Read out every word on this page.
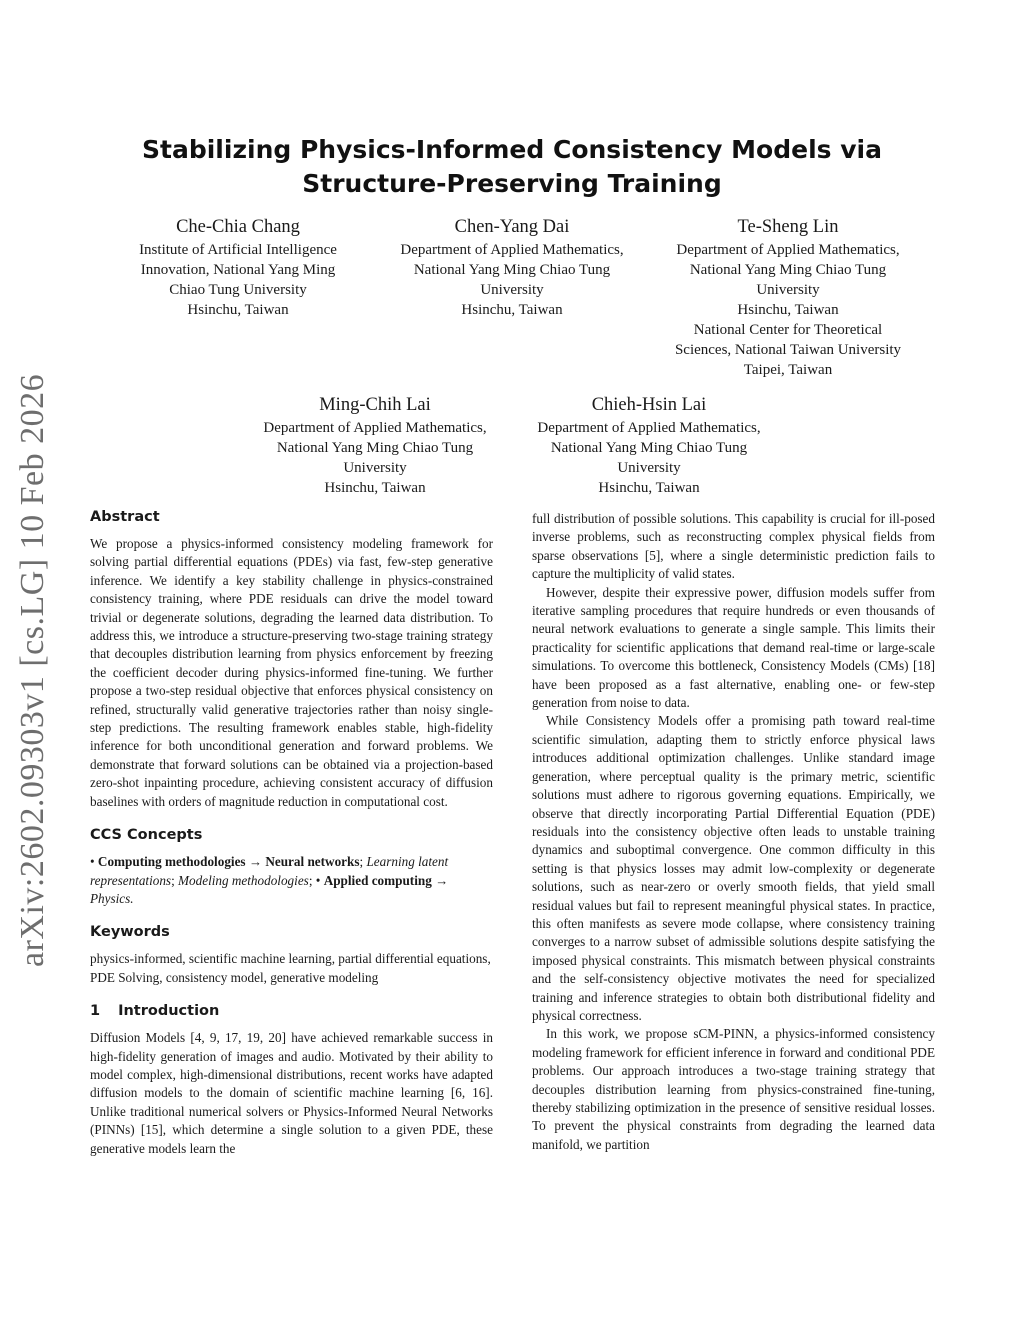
arXiv:2602.09303v1 [cs.LG] 10 Feb 2026
Stabilizing Physics-Informed Consistency Models via
Structure-Preserving Training
Che-Chia Chang
Institute of Artificial Intelligence
Innovation, National Yang Ming
Chiao Tung University
Hsinchu, Taiwan
Chen-Yang Dai
Department of Applied Mathematics,
National Yang Ming Chiao Tung
University
Hsinchu, Taiwan
Te-Sheng Lin
Department of Applied Mathematics,
National Yang Ming Chiao Tung
University
Hsinchu, Taiwan
National Center for Theoretical
Sciences, National Taiwan University
Taipei, Taiwan
Ming-Chih Lai
Department of Applied Mathematics,
National Yang Ming Chiao Tung
University
Hsinchu, Taiwan
Chieh-Hsin Lai
Department of Applied Mathematics,
National Yang Ming Chiao Tung
University
Hsinchu, Taiwan
Abstract

We propose a physics-informed consistency modeling framework for solving partial differential equations (PDEs) via fast, few-step generative inference. We identify a key stability challenge in physics-constrained consistency training, where PDE residuals can drive the model toward trivial or degenerate solutions, degrading the learned data distribution. To address this, we introduce a structure-preserving two-stage training strategy that decouples distribution learning from physics enforcement by freezing the coefficient decoder during physics-informed fine-tuning. We further propose a two-step residual objective that enforces physical consistency on refined, structurally valid generative trajectories rather than noisy single-step predictions. The resulting framework enables stable, high-fidelity inference for both unconditional generation and forward problems. We demonstrate that forward solutions can be obtained via a projection-based zero-shot inpainting procedure, achieving consistent accuracy of diffusion baselines with orders of magnitude reduction in computational cost.

CCS Concepts

• Computing methodologies → Neural networks; Learning latent representations; Modeling methodologies; • Applied computing → Physics.

Keywords

physics-informed, scientific machine learning, partial differential equations, PDE Solving, consistency model, generative modeling

1 Introduction

Diffusion Models [4, 9, 17, 19, 20] have achieved remarkable success in high-fidelity generation of images and audio. Motivated by their ability to model complex, high-dimensional distributions, recent works have adapted diffusion models to the domain of scientific machine learning [6, 16]. Unlike traditional numerical solvers or Physics-Informed Neural Networks (PINNs) [15], which determine a single solution to a given PDE, these generative models learn the

full distribution of possible solutions. This capability is crucial for ill-posed inverse problems, such as reconstructing complex physical fields from sparse observations [5], where a single deterministic prediction fails to capture the multiplicity of valid states.

However, despite their expressive power, diffusion models suffer from iterative sampling procedures that require hundreds or even thousands of neural network evaluations to generate a single sample. This limits their practicality for scientific applications that demand real-time or large-scale simulations. To overcome this bottleneck, Consistency Models (CMs) [18] have been proposed as a fast alternative, enabling one- or few-step generation from noise to data.

While Consistency Models offer a promising path toward real-time scientific simulation, adapting them to strictly enforce physical laws introduces additional optimization challenges. Unlike standard image generation, where perceptual quality is the primary metric, scientific solutions must adhere to rigorous governing equations. Empirically, we observe that directly incorporating Partial Differential Equation (PDE) residuals into the consistency objective often leads to unstable training dynamics and suboptimal convergence. One common difficulty in this setting is that physics losses may admit low-complexity or degenerate solutions, such as near-zero or overly smooth fields, that yield small residual values but fail to represent meaningful physical states. In practice, this often manifests as severe mode collapse, where consistency training converges to a narrow subset of admissible solutions despite satisfying the imposed physical constraints. This mismatch between physical constraints and the self-consistency objective motivates the need for specialized training and inference strategies to obtain both distributional fidelity and physical correctness.

In this work, we propose sCM-PINN, a physics-informed consistency modeling framework for efficient inference in forward and conditional PDE problems. Our approach introduces a two-stage training strategy that decouples distribution learning from physics-constrained fine-tuning, thereby stabilizing optimization in the presence of sensitive residual losses. To prevent the physical constraints from degrading the learned data manifold, we partition
